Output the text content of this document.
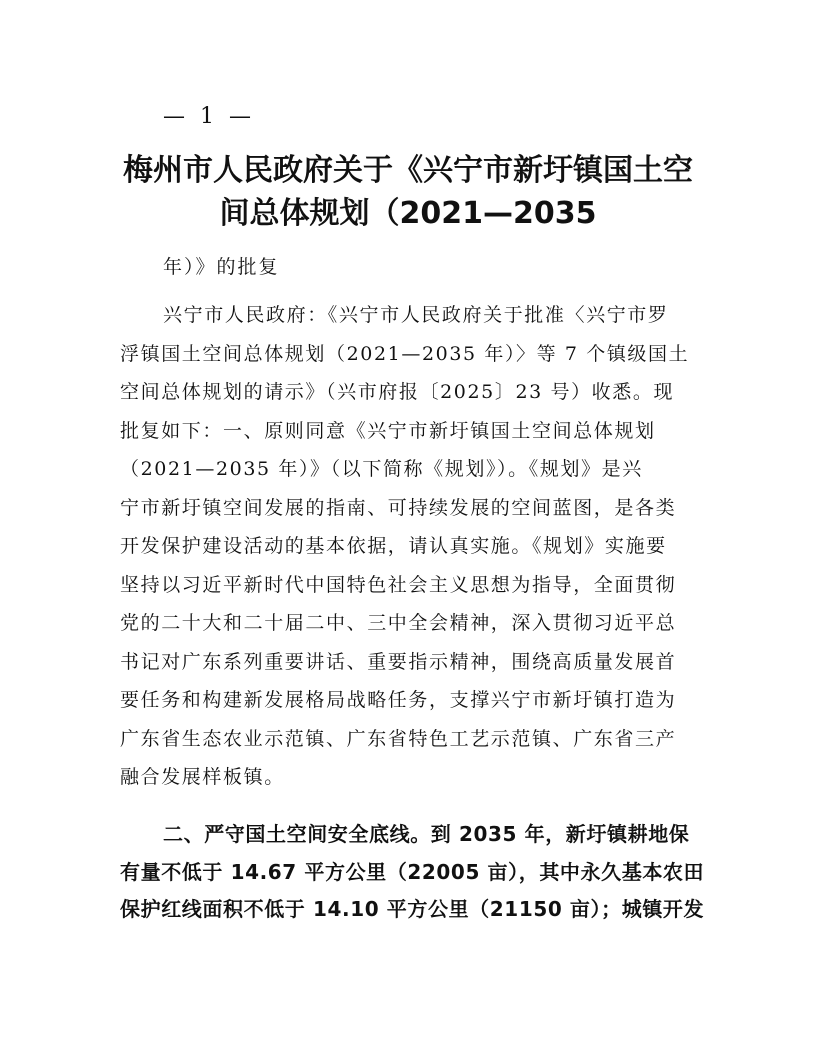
— 1 —
梅州市人民政府关于《兴宁市新圩镇国土空
间总体规划（2021—2035
年）》的批复
兴宁市人民政府：《兴宁市人民政府关于批准〈兴宁市罗
浮镇国土空间总体规划（2021—2035 年）〉等 7 个镇级国土
空间总体规划的请示》（兴市府报〔2025〕23 号）收悉。现
批复如下：一、原则同意《兴宁市新圩镇国土空间总体规划
（2021—2035 年）》（以下简称《规划》）。《规划》是兴
宁市新圩镇空间发展的指南、可持续发展的空间蓝图，是各类
开发保护建设活动的基本依据，请认真实施。《规划》实施要
坚持以习近平新时代中国特色社会主义思想为指导，全面贯彻
党的二十大和二十届二中、三中全会精神，深入贯彻习近平总
书记对广东系列重要讲话、重要指示精神，围绕高质量发展首
要任务和构建新发展格局战略任务，支撑兴宁市新圩镇打造为
广东省生态农业示范镇、广东省特色工艺示范镇、广东省三产
融合发展样板镇。
二、严守国土空间安全底线。到 2035 年，新圩镇耕地保
有量不低于 14.67 平方公里（22005 亩），其中永久基本农田
保护红线面积不低于 14.10 平方公里（21150 亩）；城镇开发
